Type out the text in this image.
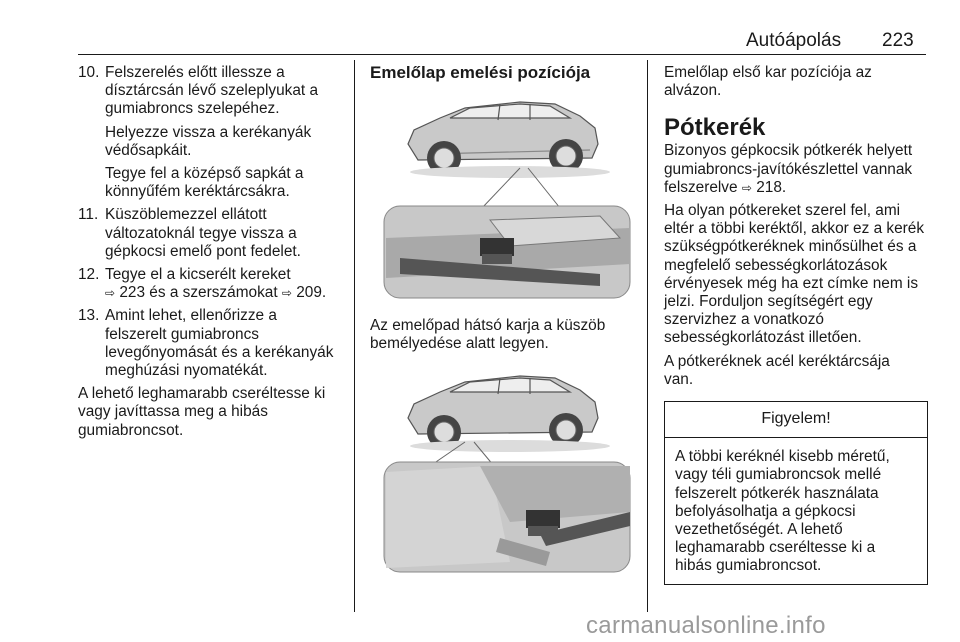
Autóápolás 223
10. Felszerelés előtt illessze a
dísztárcsán lévő szeleplyukat a
gumiabroncs szelepéhez.
Helyezze vissza a kerékanyák
védősapkáit.
Tegye fel a középső sapkát a
könnyűfém keréktárcsákra.
11. Küszöblemezzel ellátott
változatoknál tegye vissza a
gépkocsi emelő pont fedelet.
12. Tegye el a kicserélt kereket
⇨ 223 és a szerszámokat ⇨ 209.
13. Amint lehet, ellenőrizze a
felszerelt gumiabroncs
levegőnyomását és a kerékanyák
meghúzási nyomatékát.
A lehető leghamarabb cseréltesse ki
vagy javíttassa meg a hibás
gumiabroncsot.
Emelőlap emelési pozíciója
Az emelőpad hátsó karja a küszöb
bemélyedése alatt legyen.
Emelőlap első kar pozíciója az
alvázon.
Pótkerék
Bizonyos gépkocsik pótkerék helyett
gumiabroncs-javítókészlettel vannak
felszerelve ⇨ 218.
Ha olyan pótkereket szerel fel, ami
eltér a többi keréktől, akkor ez a kerék
szükségpótkeréknek minősülhet és a
megfelelő sebességkorlátozások
érvényesek még ha ezt címke nem is
jelzi. Forduljon segítségért egy
szervizhez a vonatkozó
sebességkorlátozást illetően.
A pótkeréknek acél keréktárcsája
van.
Figyelem!
A többi keréknél kisebb méretű,
vagy téli gumiabroncsok mellé
felszerelt pótkerék használata
befolyásolhatja a gépkocsi
vezethetőségét. A lehető
leghamarabb cseréltesse ki a
hibás gumiabroncsot.
carmanualsonline.info
